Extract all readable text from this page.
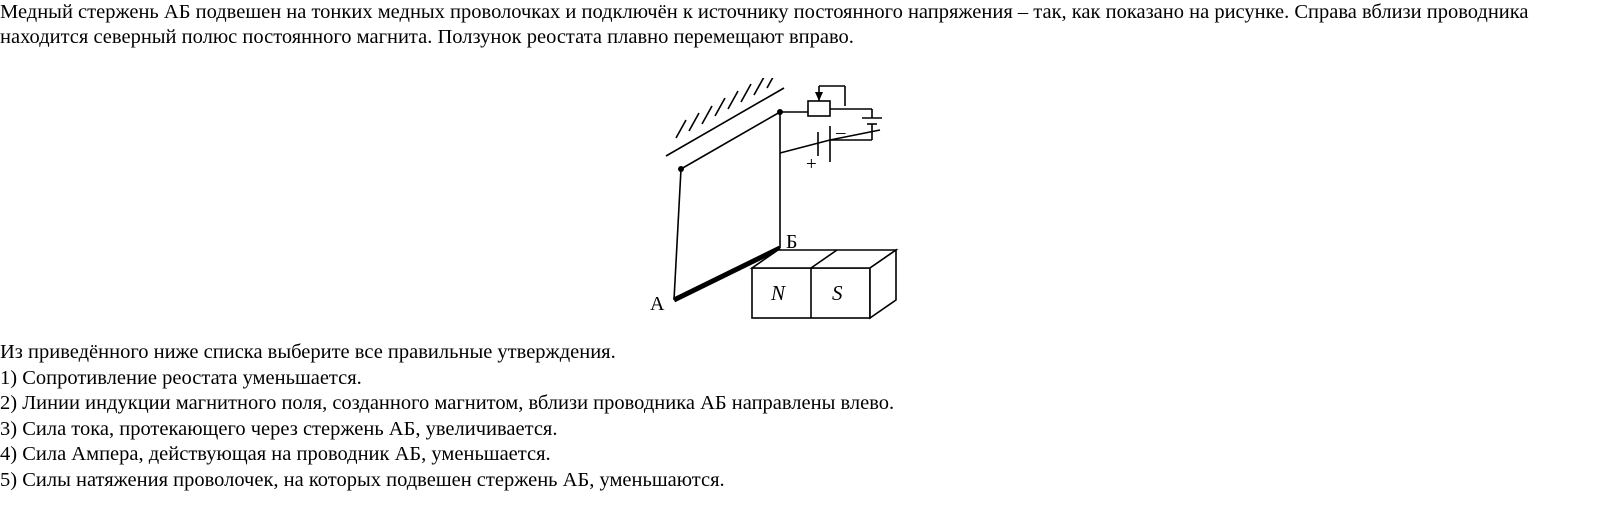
Медный стержень АБ подвешен на тонких медных проволочках и подключён к источнику постоянного напряжения – так, как показано на рисунке. Справа вблизи проводника находится северный полюс постоянного магнита. Ползунок реостата плавно перемещают вправо.
А
Б
N S
+
–
Из приведённого ниже списка выберите все правильные утверждения.
1) Сопротивление реостата уменьшается.
2) Линии индукции магнитного поля, созданного магнитом, вблизи проводника АБ направлены влево.
3) Сила тока, протекающего через стержень АБ, увеличивается.
4) Сила Ампера, действующая на проводник АБ, уменьшается.
5) Силы натяжения проволочек, на которых подвешен стержень АБ, уменьшаются.
